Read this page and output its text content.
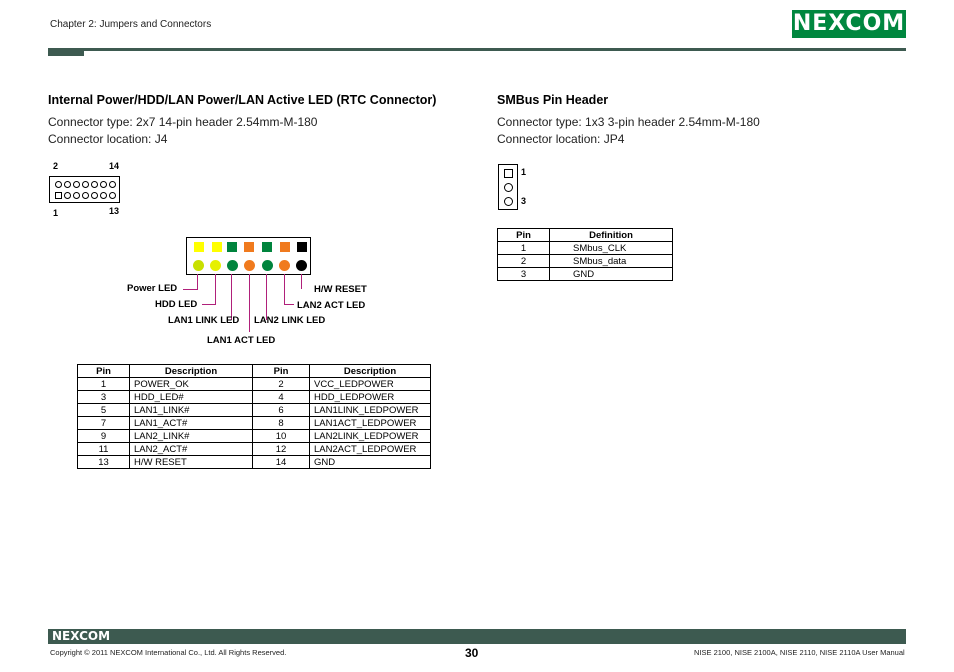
Chapter 2: Jumpers and Connectors	NEXCOM
Internal Power/HDD/LAN Power/LAN Active LED (RTC Connector)
Connector type: 2x7 14-pin header 2.54mm-M-180
Connector location: J4
2	14
1	13
Power LED
HDD LED
LAN1 LINK LED LAN2 LINK LED
LAN1 ACT LED
H/W RESET
LAN2 ACT LED
Pin	Description	Pin	Description
1	POWER_OK	2	VCC_LEDPOWER
3	HDD_LED#	4	HDD_LEDPOWER
5	LAN1_LINK#	6	LAN1LINK_LEDPOWER
7	LAN1_ACT#	8	LAN1ACT_LEDPOWER
9	LAN2_LINK#	10	LAN2LINK_LEDPOWER
11	LAN2_ACT#	12	LAN2ACT_LEDPOWER
13	H/W RESET	14	GND
SMBus Pin Header
Connector type: 1x3 3-pin header 2.54mm-M-180
Connector location: JP4
1
3
Pin	Definition
1	SMbus_CLK
2	SMbus_data
3	GND
NEXCOM
Copyright © 2011 NEXCOM International Co., Ltd. All Rights Reserved.	30	NISE 2100, NISE 2100A, NISE 2110, NISE 2110A User Manual
